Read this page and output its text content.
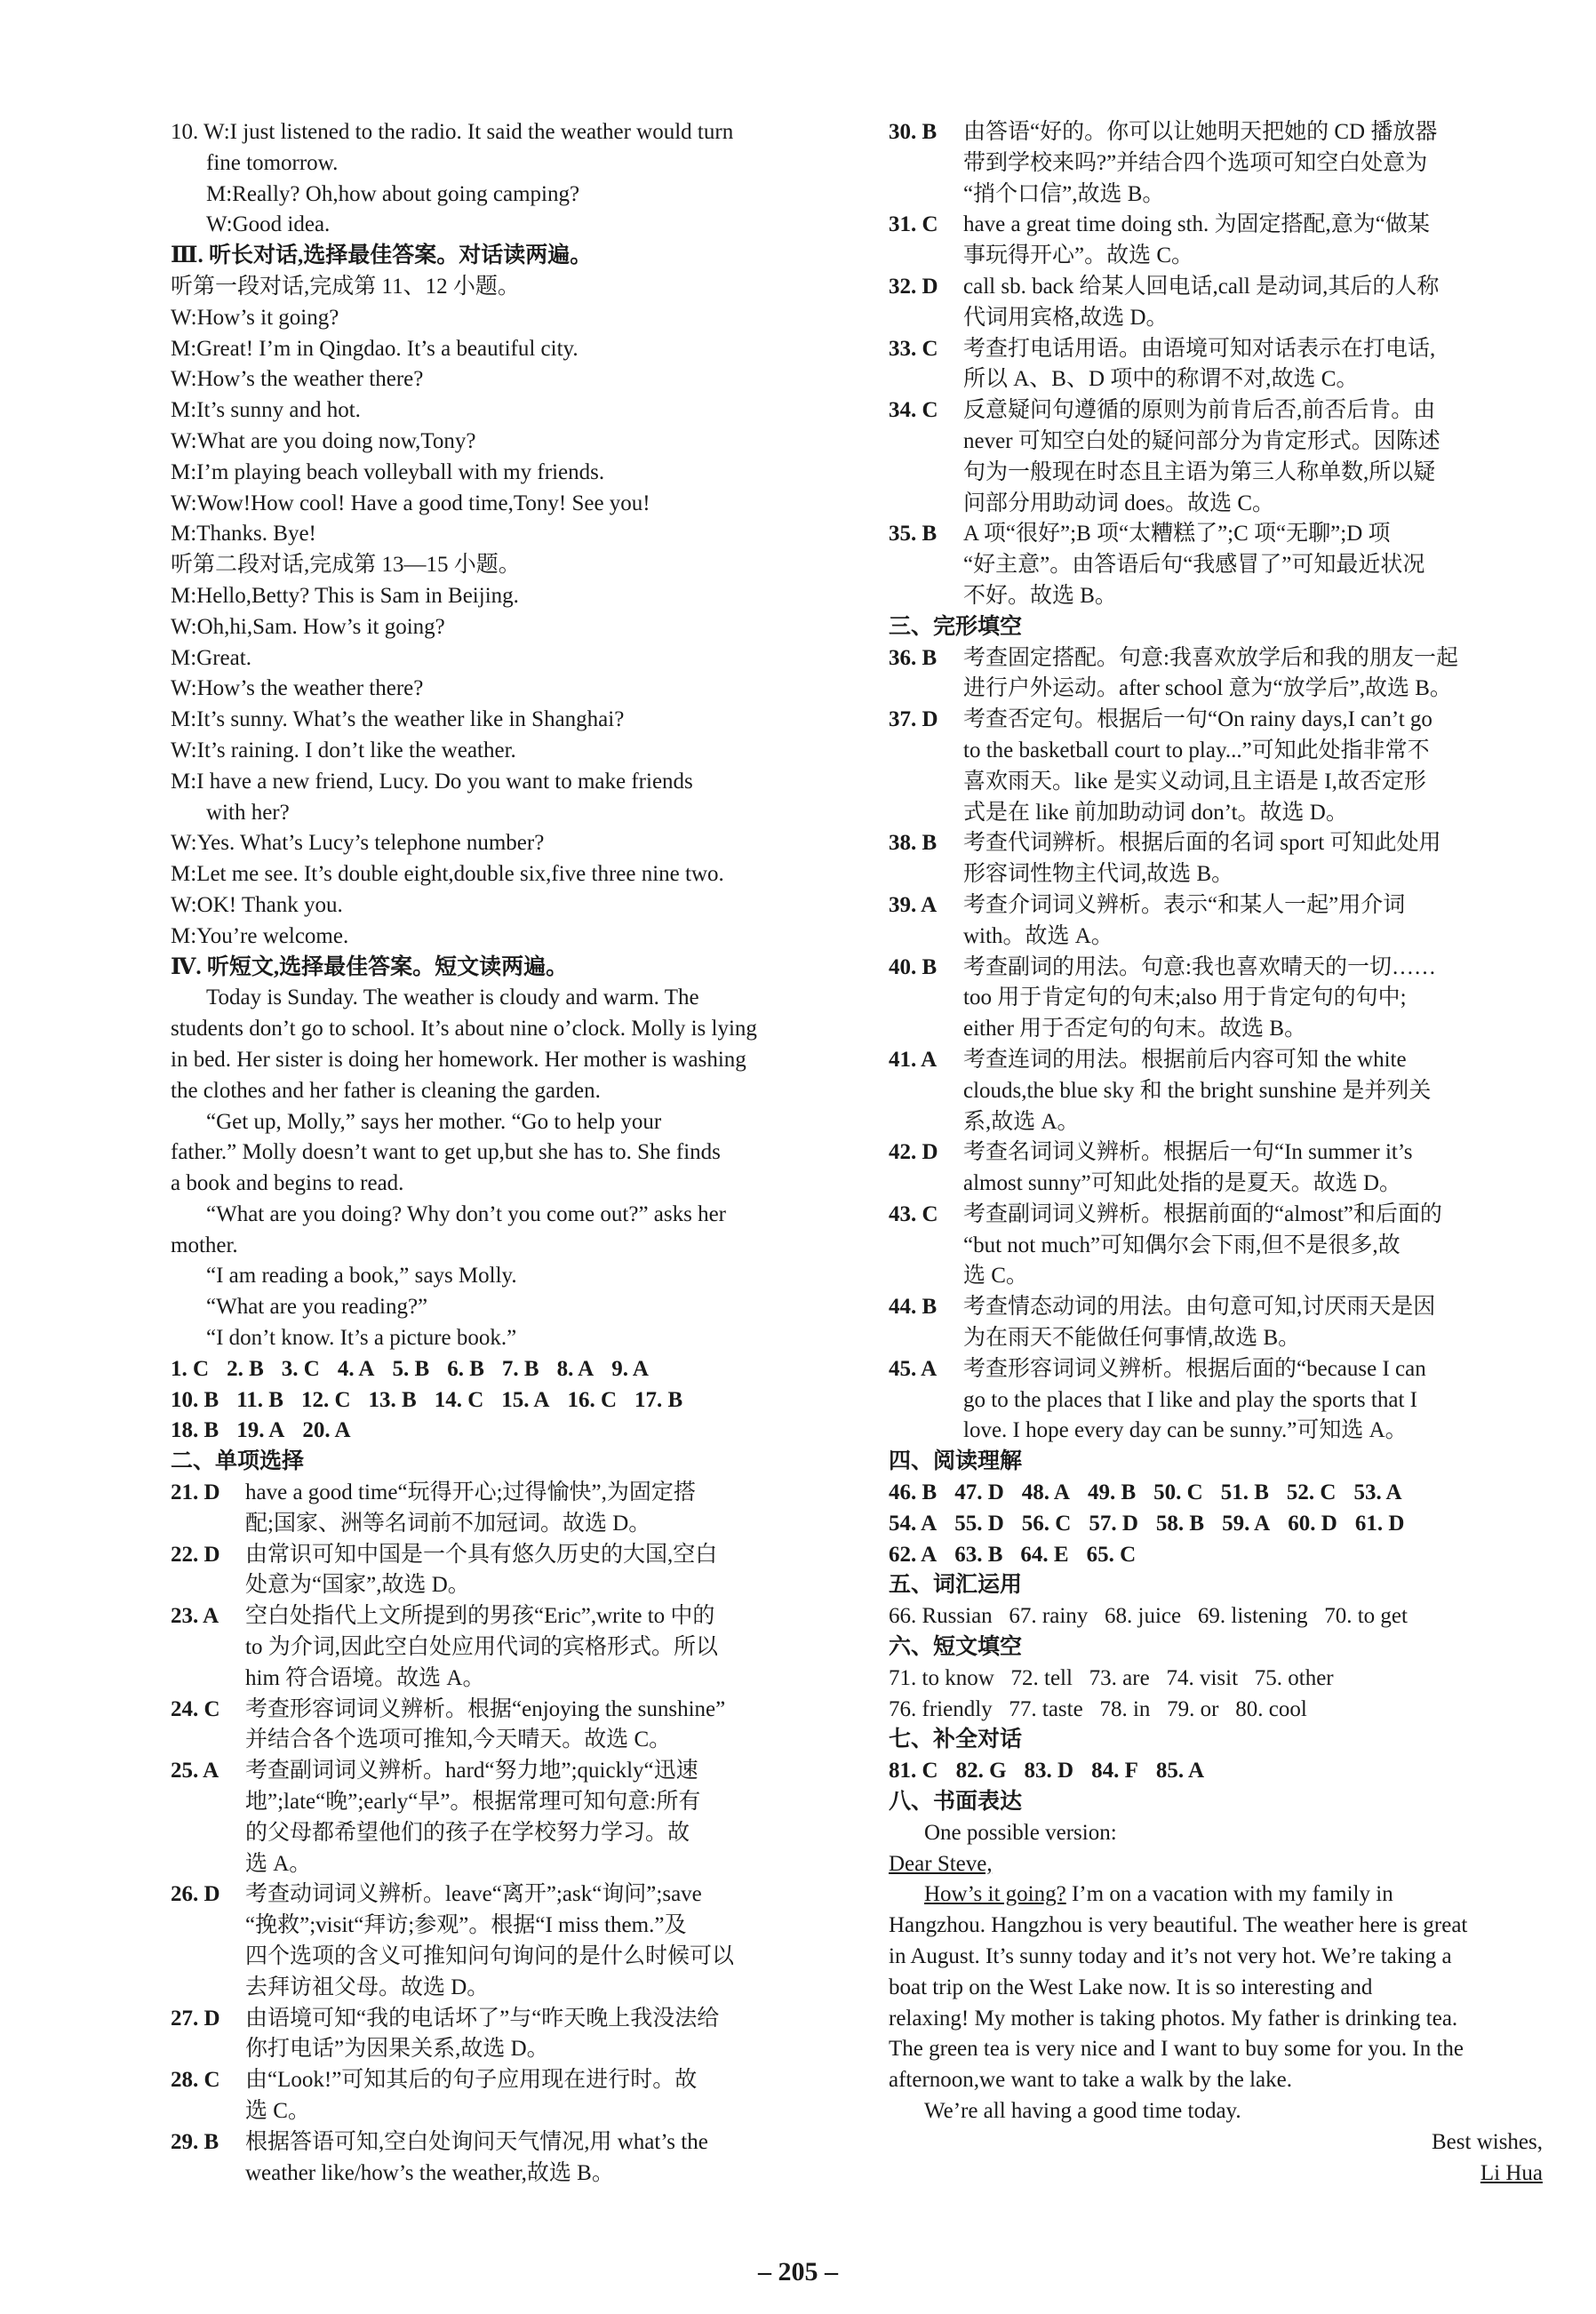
10. W:I just listened to the radio. It said the weather would turn
fine tomorrow.
M:Really? Oh,how about going camping?
W:Good idea.
Ⅲ. 听长对话,选择最佳答案。对话读两遍。
听第一段对话,完成第 11、12 小题。
W:How’s it going?
M:Great! I’m in Qingdao. It’s a beautiful city.
W:How’s the weather there?
M:It’s sunny and hot.
W:What are you doing now,Tony?
M:I’m playing beach volleyball with my friends.
W:Wow!How cool! Have a good time,Tony! See you!
M:Thanks. Bye!
听第二段对话,完成第 13—15 小题。
M:Hello,Betty? This is Sam in Beijing.
W:Oh,hi,Sam. How’s it going?
M:Great.
W:How’s the weather there?
M:It’s sunny. What’s the weather like in Shanghai?
W:It’s raining. I don’t like the weather.
M:I have a new friend, Lucy. Do you want to make friends
with her?
W:Yes. What’s Lucy’s telephone number?
M:Let me see. It’s double eight,double six,five three nine two.
W:OK! Thank you.
M:You’re welcome.
Ⅳ. 听短文,选择最佳答案。短文读两遍。
Today is Sunday. The weather is cloudy and warm. The
students don’t go to school. It’s about nine o’clock. Molly is lying
in bed. Her sister is doing her homework. Her mother is washing
the clothes and her father is cleaning the garden.
“Get up, Molly,” says her mother. “Go to help your
father.” Molly doesn’t want to get up,but she has to. She finds
a book and begins to read.
“What are you doing? Why don’t you come out?” asks her
mother.
“I am reading a book,” says Molly.
“What are you reading?”
“I don’t know. It’s a picture book.”
1. C 2. B 3. C 4. A 5. B 6. B 7. B 8. A 9. A
10. B 11. B 12. C 13. B 14. C 15. A 16. C 17. B
18. B 19. A 20. A
二、单项选择
21. D	have a good time“玩得开心;过得愉快”,为固定搭
配;国家、洲等名词前不加冠词。故选 D。
22. D	由常识可知中国是一个具有悠久历史的大国,空白
处意为“国家”,故选 D。
23. A	空白处指代上文所提到的男孩“Eric”,write to 中的
to 为介词,因此空白处应用代词的宾格形式。所以
him 符合语境。故选 A。
24. C	考查形容词词义辨析。根据“enjoying the sunshine”
并结合各个选项可推知,今天晴天。故选 C。
25. A	考查副词词义辨析。hard“努力地”;quickly“迅速
地”;late“晚”;early“早”。根据常理可知句意:所有
的父母都希望他们的孩子在学校努力学习。故
选 A。
26. D	考查动词词义辨析。leave“离开”;ask“询问”;save
“挽救”;visit“拜访;参观”。根据“I miss them.”及
四个选项的含义可推知问句询问的是什么时候可以
去拜访祖父母。故选 D。
27. D	由语境可知“我的电话坏了”与“昨天晚上我没法给
你打电话”为因果关系,故选 D。
28. C	由“Look!”可知其后的句子应用现在进行时。故
选 C。
29. B	根据答语可知,空白处询问天气情况,用 what’s the
weather like/how’s the weather,故选 B。
30. B	由答语“好的。你可以让她明天把她的 CD 播放器
带到学校来吗?”并结合四个选项可知空白处意为
“捎个口信”,故选 B。
31. C	have a great time doing sth. 为固定搭配,意为“做某
事玩得开心”。故选 C。
32. D	call sb. back 给某人回电话,call 是动词,其后的人称
代词用宾格,故选 D。
33. C	考查打电话用语。由语境可知对话表示在打电话,
所以 A、B、D 项中的称谓不对,故选 C。
34. C	反意疑问句遵循的原则为前肯后否,前否后肯。由
never 可知空白处的疑问部分为肯定形式。因陈述
句为一般现在时态且主语为第三人称单数,所以疑
问部分用助动词 does。故选 C。
35. B	A 项“很好”;B 项“太糟糕了”;C 项“无聊”;D 项
“好主意”。由答语后句“我感冒了”可知最近状况
不好。故选 B。
三、完形填空
36. B	考查固定搭配。句意:我喜欢放学后和我的朋友一起
进行户外运动。after school 意为“放学后”,故选 B。
37. D	考查否定句。根据后一句“On rainy days,I can’t go
to the basketball court to play...”可知此处指非常不
喜欢雨天。like 是实义动词,且主语是 I,故否定形
式是在 like 前加助动词 don’t。故选 D。
38. B	考查代词辨析。根据后面的名词 sport 可知此处用
形容词性物主代词,故选 B。
39. A	考查介词词义辨析。表示“和某人一起”用介词
with。故选 A。
40. B	考查副词的用法。句意:我也喜欢晴天的一切……
too 用于肯定句的句末;also 用于肯定句的句中;
either 用于否定句的句末。故选 B。
41. A	考查连词的用法。根据前后内容可知 the white
clouds,the blue sky 和 the bright sunshine 是并列关
系,故选 A。
42. D	考查名词词义辨析。根据后一句“In summer it’s
almost sunny”可知此处指的是夏天。故选 D。
43. C	考查副词词义辨析。根据前面的“almost”和后面的
“but not much”可知偶尔会下雨,但不是很多,故
选 C。
44. B	考查情态动词的用法。由句意可知,讨厌雨天是因
为在雨天不能做任何事情,故选 B。
45. A	考查形容词词义辨析。根据后面的“because I can
go to the places that I like and play the sports that I
love. I hope every day can be sunny.”可知选 A。
四、阅读理解
46. B 47. D 48. A 49. B 50. C 51. B 52. C 53. A
54. A 55. D 56. C 57. D 58. B 59. A 60. D 61. D
62. A 63. B 64. E 65. C
五、词汇运用
66. Russian   67. rainy   68. juice   69. listening   70. to get
六、短文填空
71. to know   72. tell   73. are   74. visit   75. other
76. friendly   77. taste   78. in   79. or   80. cool
七、补全对话
81. C 82. G 83. D 84. F 85. A
八、书面表达
One possible version:
Dear Steve,
How’s it going? I’m on a vacation with my family in
Hangzhou. Hangzhou is very beautiful. The weather here is great
in August. It’s sunny today and it’s not very hot. We’re taking a
boat trip on the West Lake now. It is so interesting and
relaxing! My mother is taking photos. My father is drinking tea.
The green tea is very nice and I want to buy some for you. In the
afternoon,we want to take a walk by the lake.
We’re all having a good time today.
Best wishes,
Li Hua
– 205 –
